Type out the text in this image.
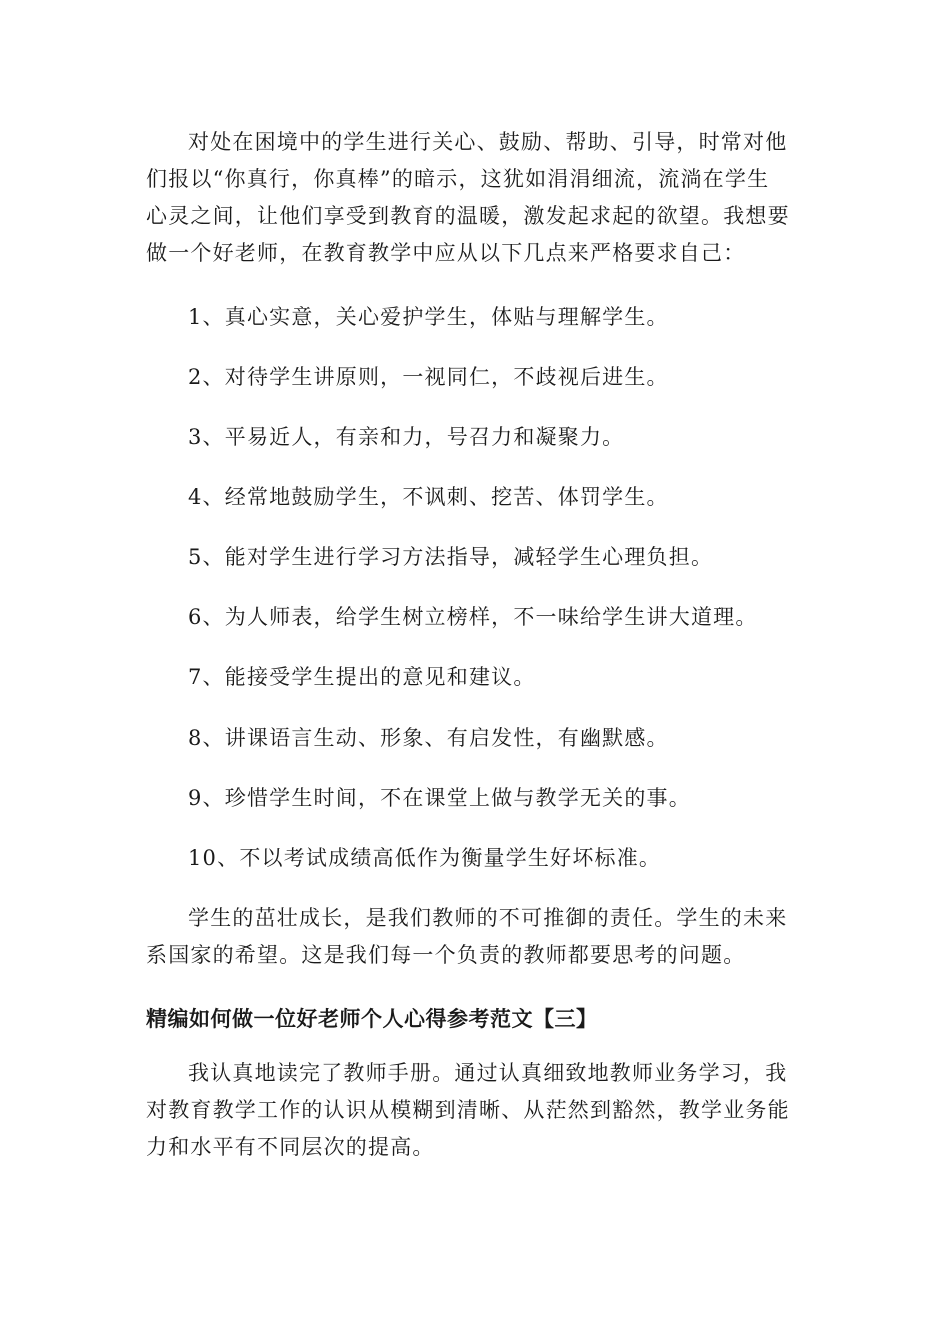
对处在困境中的学生进行关心、鼓励、帮助、引导，时常对他
们报以“你真行，你真棒”的暗示，这犹如涓涓细流，流淌在学生
心灵之间，让他们享受到教育的温暖，激发起求起的欲望。我想要
做一个好老师，在教育教学中应从以下几点来严格要求自己：

1、真心实意，关心爱护学生，体贴与理解学生。

2、对待学生讲原则，一视同仁，不歧视后进生。

3、平易近人，有亲和力，号召力和凝聚力。

4、经常地鼓励学生，不讽刺、挖苦、体罚学生。

5、能对学生进行学习方法指导，减轻学生心理负担。

6、为人师表，给学生树立榜样，不一味给学生讲大道理。

7、能接受学生提出的意见和建议。

8、讲课语言生动、形象、有启发性，有幽默感。

9、珍惜学生时间，不在课堂上做与教学无关的事。

10、不以考试成绩高低作为衡量学生好坏标准。

学生的茁壮成长，是我们教师的不可推御的责任。学生的未来
系国家的希望。这是我们每一个负责的教师都要思考的问题。

精编如何做一位好老师个人心得参考范文【三】

我认真地读完了教师手册。通过认真细致地教师业务学习，我
对教育教学工作的认识从模糊到清晰、从茫然到豁然，教学业务能
力和水平有不同层次的提高。
